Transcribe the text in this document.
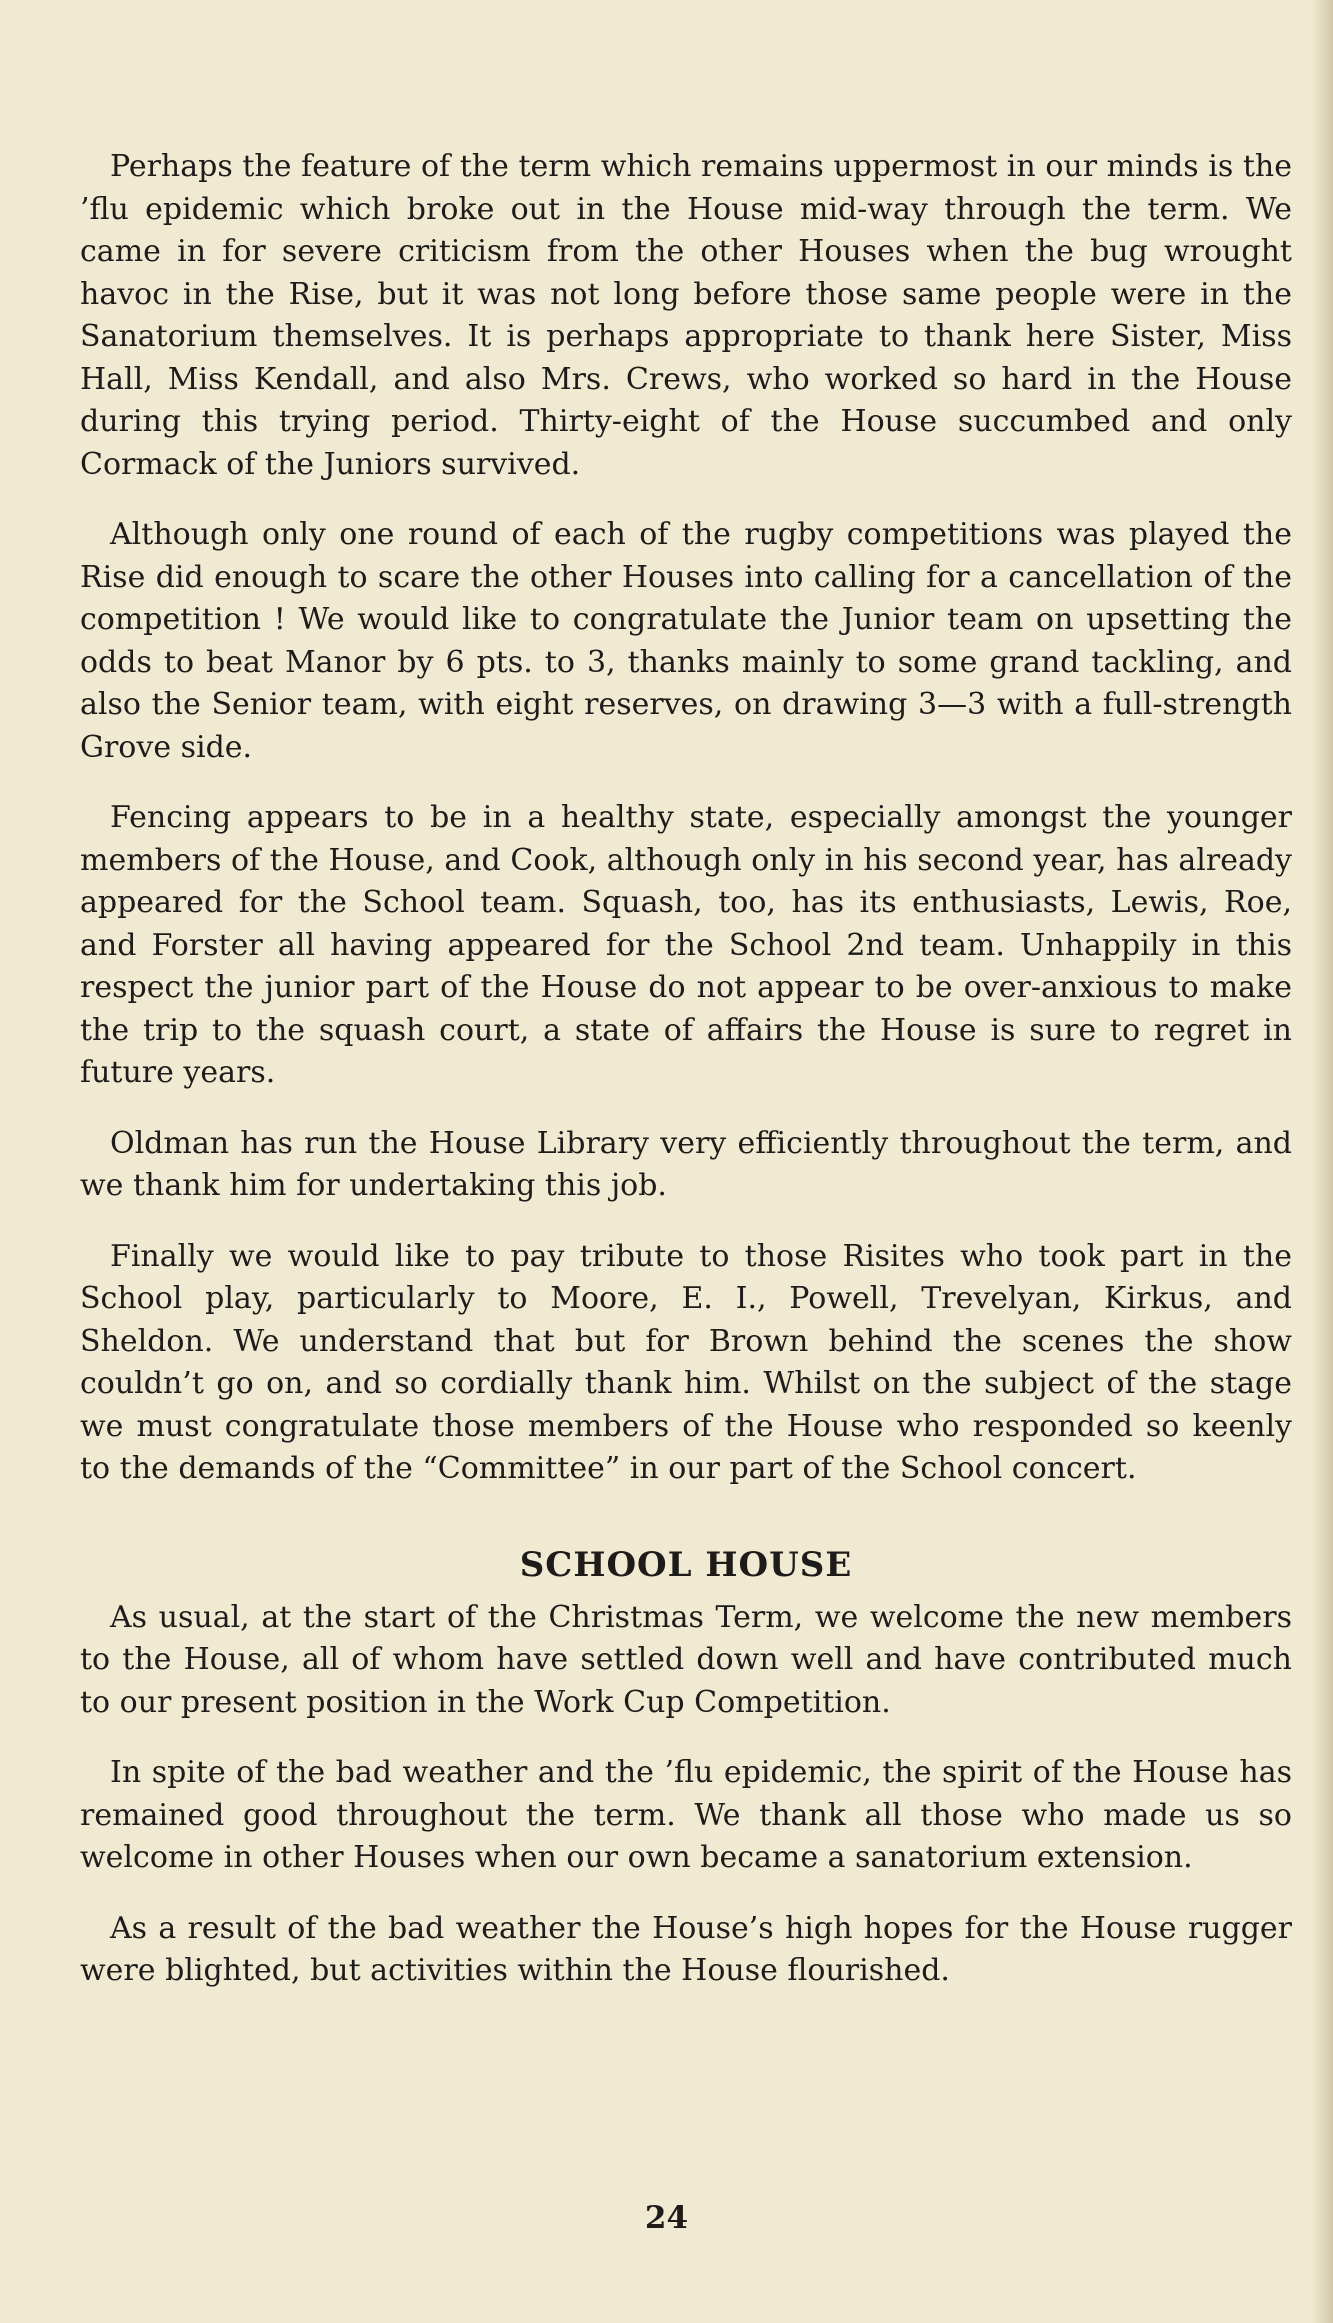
Perhaps the feature of the term which remains uppermost in our minds is the ’flu epidemic which broke out in the House mid-way through the term. We came in for severe criticism from the other Houses when the bug wrought havoc in the Rise, but it was not long before those same people were in the Sanatorium themselves. It is perhaps appropriate to thank here Sister, Miss Hall, Miss Kendall, and also Mrs. Crews, who worked so hard in the House during this trying period. Thirty-eight of the House succumbed and only Cormack of the Juniors survived.

Although only one round of each of the rugby competitions was played the Rise did enough to scare the other Houses into calling for a cancellation of the competition ! We would like to congratulate the Junior team on upsetting the odds to beat Manor by 6 pts. to 3, thanks mainly to some grand tackling, and also the Senior team, with eight reserves, on drawing 3—3 with a full-strength Grove side.

Fencing appears to be in a healthy state, especially amongst the younger members of the House, and Cook, although only in his second year, has already appeared for the School team. Squash, too, has its enthusiasts, Lewis, Roe, and Forster all having appeared for the School 2nd team. Unhappily in this respect the junior part of the House do not appear to be over-anxious to make the trip to the squash court, a state of affairs the House is sure to regret in future years.

Oldman has run the House Library very efficiently throughout the term, and we thank him for undertaking this job.

Finally we would like to pay tribute to those Risites who took part in the School play, particularly to Moore, E. I., Powell, Trevelyan, Kirkus, and Sheldon. We understand that but for Brown behind the scenes the show couldn’t go on, and so cordially thank him. Whilst on the subject of the stage we must congratulate those members of the House who responded so keenly to the demands of the “Committee” in our part of the School concert.

SCHOOL HOUSE

As usual, at the start of the Christmas Term, we welcome the new members to the House, all of whom have settled down well and have contributed much to our present position in the Work Cup Competition.

In spite of the bad weather and the ’flu epidemic, the spirit of the House has remained good throughout the term. We thank all those who made us so welcome in other Houses when our own became a sanatorium extension.

As a result of the bad weather the House’s high hopes for the House rugger were blighted, but activities within the House flourished.

24
